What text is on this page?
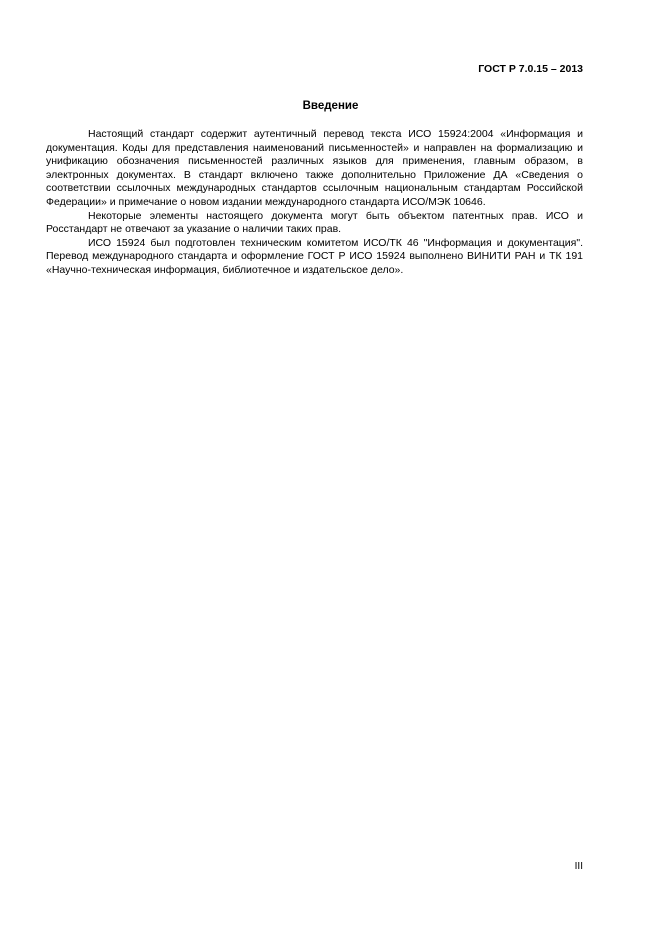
ГОСТ Р 7.0.15 – 2013
Введение

Настоящий стандарт содержит аутентичный перевод текста ИСО 15924:2004 «Информация и документация. Коды для представления наименований письменностей» и направлен на формализацию и унификацию обозначения письменностей различных языков для применения, главным образом, в электронных документах. В стандарт включено также дополнительно Приложение ДА «Сведения о соответствии ссылочных международных стандартов ссылочным национальным стандартам Российской Федерации» и примечание о новом издании международного стандарта ИСО/МЭК 10646.

Некоторые элементы настоящего документа могут быть объектом патентных прав. ИСО и Росстандарт не отвечают за указание о наличии таких прав.

ИСО 15924 был подготовлен техническим комитетом ИСО/ТК 46 "Информация и документация". Перевод международного стандарта и оформление ГОСТ Р ИСО 15924 выполнено ВИНИТИ РАН и ТК 191 «Научно-техническая информация, библиотечное и издательское дело».

III
